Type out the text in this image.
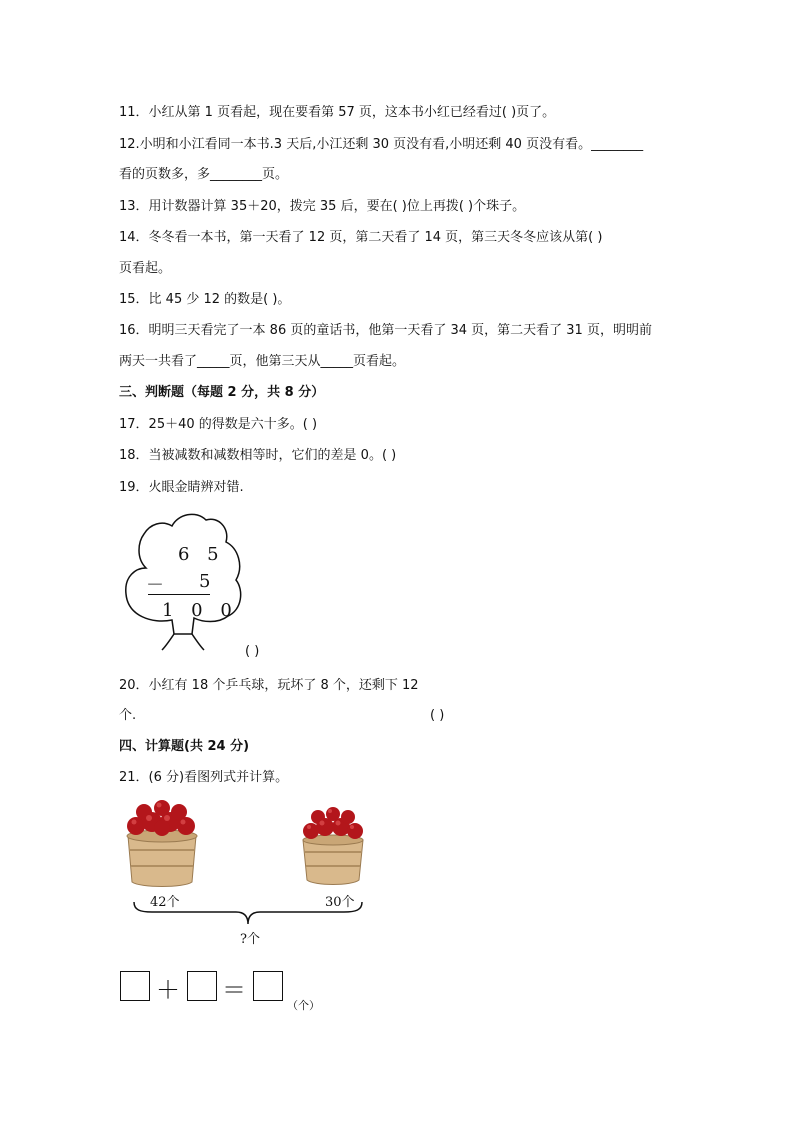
11．小红从第 1 页看起，现在要看第 57 页，这本书小红已经看过( )页了。
12.小明和小江看同一本书.3 天后,小江还剩 30 页没有看,小明还剩 40 页没有看。________
看的页数多，多________页。
13．用计数器计算 35＋20，拨完 35 后，要在( )位上再拨( )个珠子。
14．冬冬看一本书，第一天看了 12 页，第二天看了 14 页，第三天冬冬应该从第( )
页看起。
15．比 45 少 12 的数是( )。
16．明明三天看完了一本 86 页的童话书，他第一天看了 34 页，第二天看了 31 页，明明前
两天一共看了_____页，他第三天从_____页看起。
三、判断题（每题 2 分，共 8 分）
17．25＋40 的得数是六十多。( )
18．当被减数和减数相等时，它们的差是 0。( )
19．火眼金睛辨对错.
6 5
－ 5
1 0 0
( )
20．小红有 18 个乒乓球，玩坏了 8 个，还剩下 12
个.	( )
四、计算题(共 24 分)
21．(6 分)看图列式并计算。
42个	30个
?个
＋ ＝
（个）
